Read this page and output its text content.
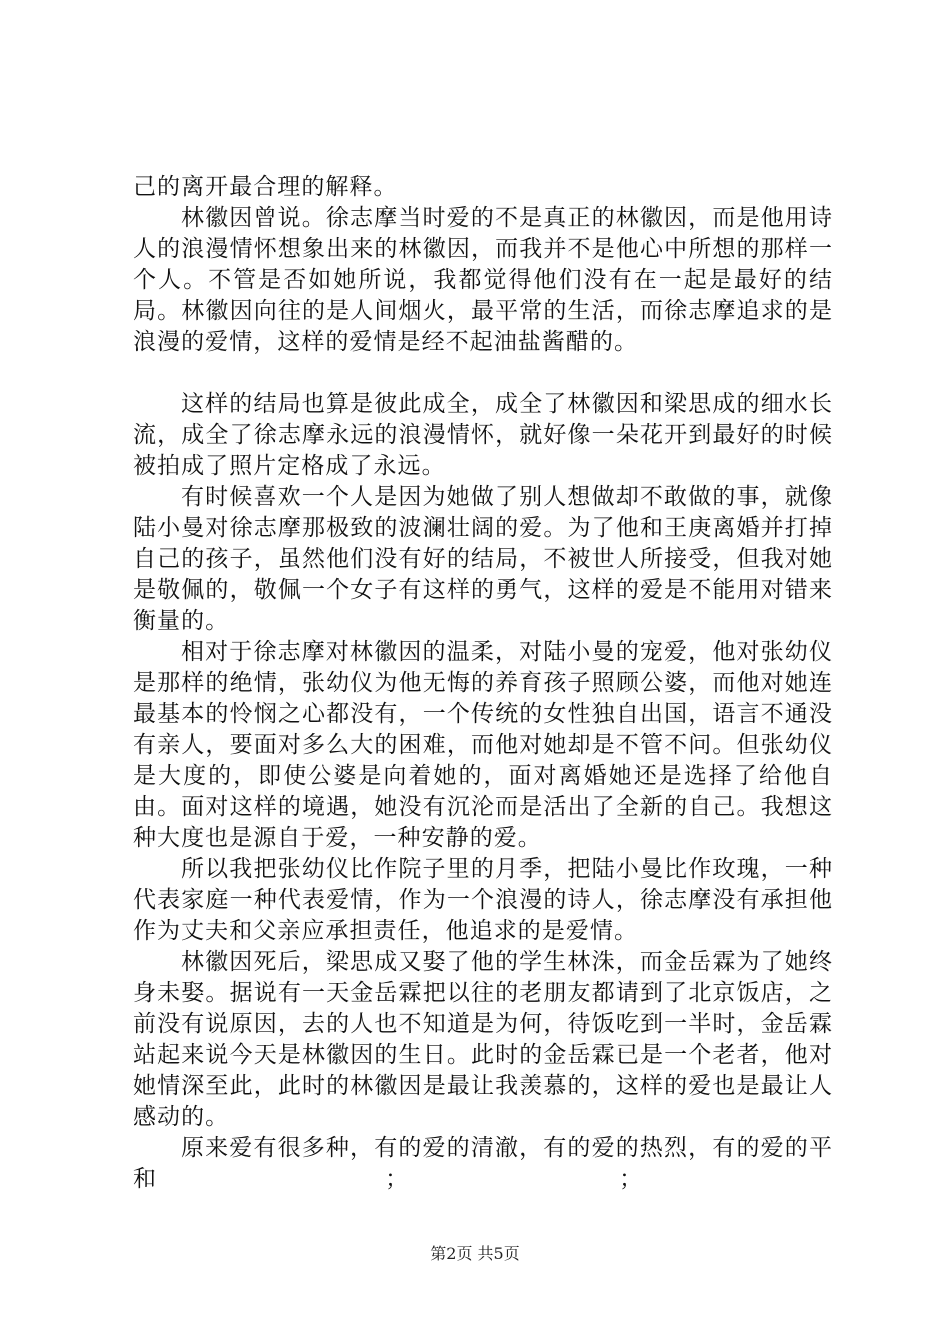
己的离开最合理的解释。

林徽因曾说。徐志摩当时爱的不是真正的林徽因，而是他用诗人的浪漫情怀想象出来的林徽因，而我并不是他心中所想的那样一个人。不管是否如她所说，我都觉得他们没有在一起是最好的结局。林徽因向往的是人间烟火，最平常的生活，而徐志摩追求的是浪漫的爱情，这样的爱情是经不起油盐酱醋的。

这样的结局也算是彼此成全，成全了林徽因和梁思成的细水长流，成全了徐志摩永远的浪漫情怀，就好像一朵花开到最好的时候被拍成了照片定格成了永远。

有时候喜欢一个人是因为她做了别人想做却不敢做的事，就像陆小曼对徐志摩那极致的波澜壮阔的爱。为了他和王庚离婚并打掉自己的孩子，虽然他们没有好的结局，不被世人所接受，但我对她是敬佩的，敬佩一个女子有这样的勇气，这样的爱是不能用对错来衡量的。

相对于徐志摩对林徽因的温柔，对陆小曼的宠爱，他对张幼仪是那样的绝情，张幼仪为他无悔的养育孩子照顾公婆，而他对她连最基本的怜悯之心都没有，一个传统的女性独自出国，语言不通没有亲人，要面对多么大的困难，而他对她却是不管不问。但张幼仪是大度的，即使公婆是向着她的，面对离婚她还是选择了给他自由。面对这样的境遇，她没有沉沦而是活出了全新的自己。我想这种大度也是源自于爱，一种安静的爱。

所以我把张幼仪比作院子里的月季，把陆小曼比作玫瑰，一种代表家庭一种代表爱情，作为一个浪漫的诗人，徐志摩没有承担他作为丈夫和父亲应承担责任，他追求的是爱情。

林徽因死后，梁思成又娶了他的学生林洙，而金岳霖为了她终身未娶。据说有一天金岳霖把以往的老朋友都请到了北京饭店，之前没有说原因，去的人也不知道是为何，待饭吃到一半时，金岳霖站起来说今天是林徽因的生日。此时的金岳霖已是一个老者，他对她情深至此，此时的林徽因是最让我羡慕的，这样的爱也是最让人感动的。

原来爱有很多种，有的爱的清澈，有的爱的热烈，有的爱的平和	；	；

第2页 共5页
